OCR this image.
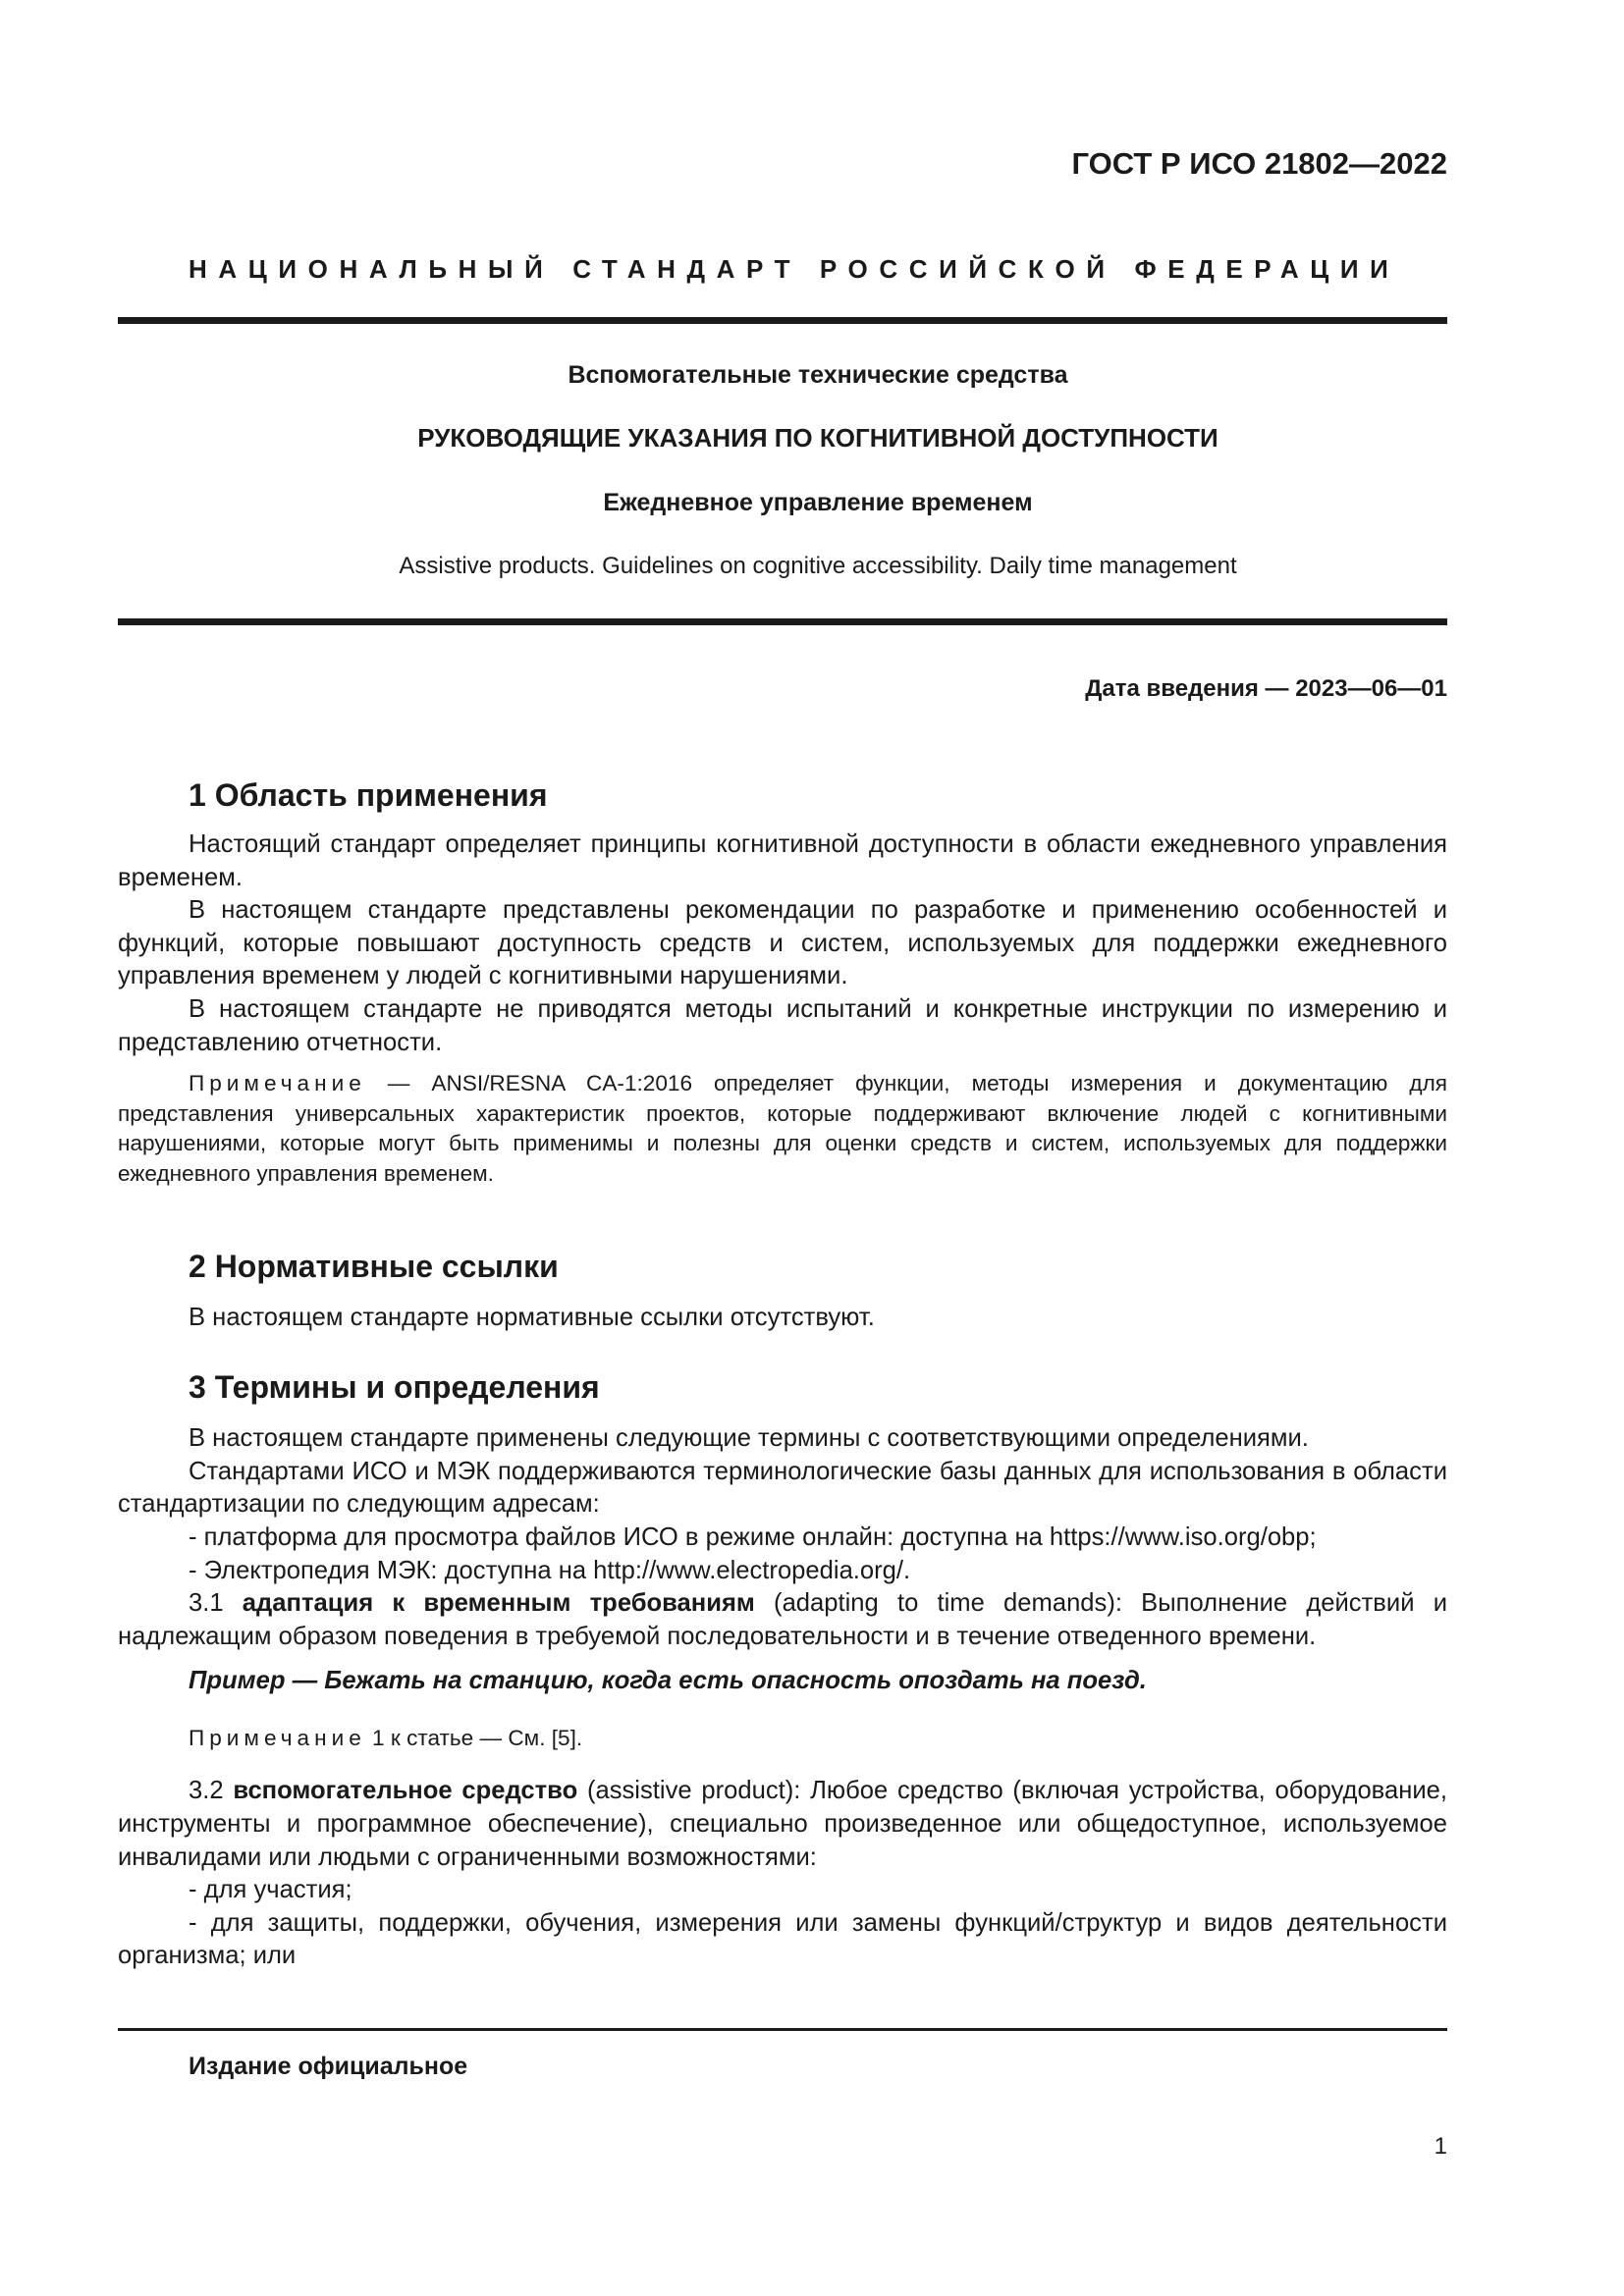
ГОСТ Р ИСО 21802—2022

НАЦИОНАЛЬНЫЙ СТАНДАРТ РОССИЙСКОЙ ФЕДЕРАЦИИ

Вспомогательные технические средства

РУКОВОДЯЩИЕ УКАЗАНИЯ ПО КОГНИТИВНОЙ ДОСТУПНОСТИ

Ежедневное управление временем

Assistive products. Guidelines on cognitive accessibility. Daily time management

Дата введения — 2023—06—01

1 Область применения

Настоящий стандарт определяет принципы когнитивной доступности в области ежедневного управления временем.

В настоящем стандарте представлены рекомендации по разработке и применению особенностей и функций, которые повышают доступность средств и систем, используемых для поддержки ежедневного управления временем у людей с когнитивными нарушениями.

В настоящем стандарте не приводятся методы испытаний и конкретные инструкции по измерению и представлению отчетности.

Примечание — ANSI/RESNA CA-1:2016 определяет функции, методы измерения и документацию для представления универсальных характеристик проектов, которые поддерживают включение людей с когнитивными нарушениями, которые могут быть применимы и полезны для оценки средств и систем, используемых для поддержки ежедневного управления временем.

2 Нормативные ссылки

В настоящем стандарте нормативные ссылки отсутствуют.

3 Термины и определения

В настоящем стандарте применены следующие термины с соответствующими определениями.

Стандартами ИСО и МЭК поддерживаются терминологические базы данных для использования в области стандартизации по следующим адресам:

- платформа для просмотра файлов ИСО в режиме онлайн: доступна на https://www.iso.org/obp;

- Электропедия МЭК: доступна на http://www.electropedia.org/.

3.1 адаптация к временным требованиям (adapting to time demands): Выполнение действий и надлежащим образом поведения в требуемой последовательности и в течение отведенного времени.

Пример — Бежать на станцию, когда есть опасность опоздать на поезд.

Примечание 1 к статье — См. [5].

3.2 вспомогательное средство (assistive product): Любое средство (включая устройства, оборудование, инструменты и программное обеспечение), специально произведенное или общедоступное, используемое инвалидами или людьми с ограниченными возможностями:

- для участия;

- для защиты, поддержки, обучения, измерения или замены функций/структур и видов деятельности организма; или

Издание официальное

1
